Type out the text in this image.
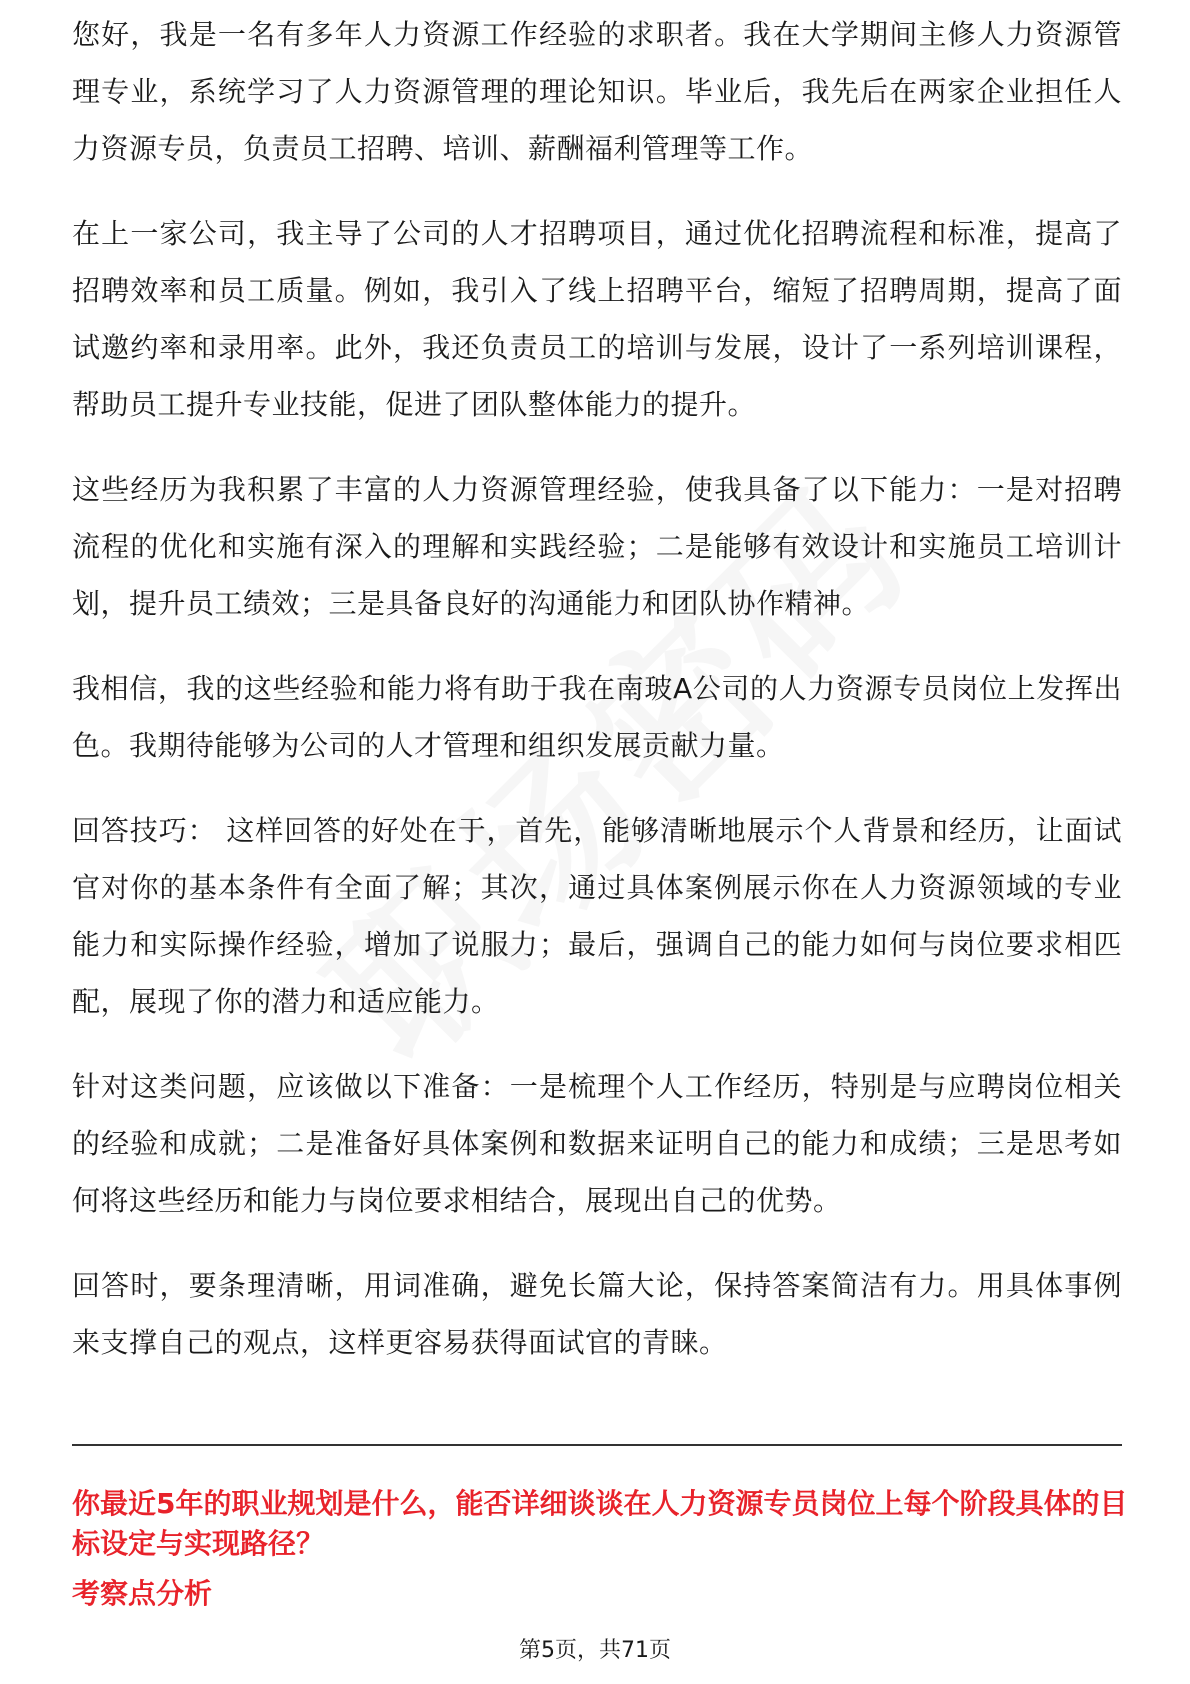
您好，我是一名有多年人力资源工作经验的求职者。我在大学期间主修人力资源管理专业，系统学习了人力资源管理的理论知识。毕业后，我先后在两家企业担任人力资源专员，负责员工招聘、培训、薪酬福利管理等工作。

在上一家公司，我主导了公司的人才招聘项目，通过优化招聘流程和标准，提高了招聘效率和员工质量。例如，我引入了线上招聘平台，缩短了招聘周期，提高了面试邀约率和录用率。此外，我还负责员工的培训与发展，设计了一系列培训课程，帮助员工提升专业技能，促进了团队整体能力的提升。

这些经历为我积累了丰富的人力资源管理经验，使我具备了以下能力：一是对招聘流程的优化和实施有深入的理解和实践经验；二是能够有效设计和实施员工培训计划，提升员工绩效；三是具备良好的沟通能力和团队协作精神。

我相信，我的这些经验和能力将有助于我在南玻A公司的人力资源专员岗位上发挥出色。我期待能够为公司的人才管理和组织发展贡献力量。

回答技巧： 这样回答的好处在于，首先，能够清晰地展示个人背景和经历，让面试官对你的基本条件有全面了解；其次，通过具体案例展示你在人力资源领域的专业能力和实际操作经验，增加了说服力；最后，强调自己的能力如何与岗位要求相匹配，展现了你的潜力和适应能力。

针对这类问题，应该做以下准备：一是梳理个人工作经历，特别是与应聘岗位相关的经验和成就；二是准备好具体案例和数据来证明自己的能力和成绩；三是思考如何将这些经历和能力与岗位要求相结合，展现出自己的优势。

回答时，要条理清晰，用词准确，避免长篇大论，保持答案简洁有力。用具体事例来支撑自己的观点，这样更容易获得面试官的青睐。

你最近5年的职业规划是什么，能否详细谈谈在人力资源专员岗位上每个阶段具体的目标设定与实现路径？
考察点分析
第5页，共71页
